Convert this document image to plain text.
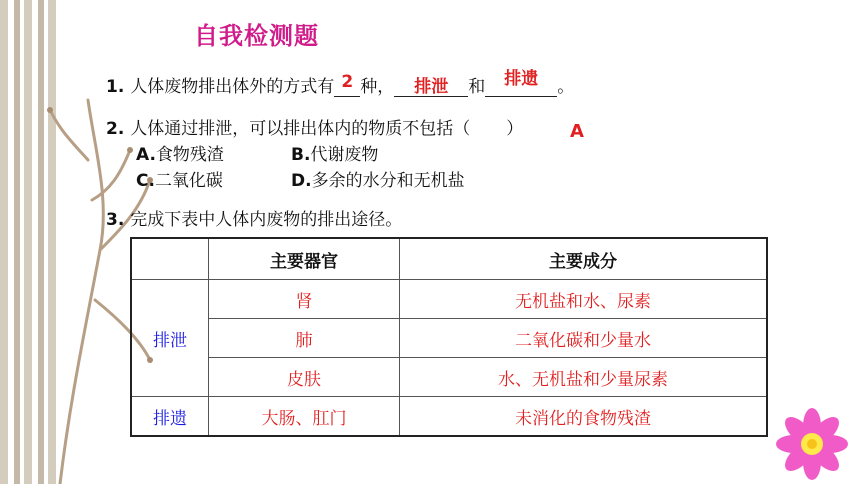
自我检测题
1. 人体废物排出体外的方式有 2 种，	排泄	和	排遗	。
2. 人体通过排泄，可以排出体内的物质不包括（ ）	A
A.食物残渣	B.代谢废物
C.二氧化碳	D.多余的水分和无机盐
3. 完成下表中人体内废物的排出途径。
	主要器官	主要成分
排泄	肾	无机盐和水、尿素
	肺	二氧化碳和少量水
	皮肤	水、无机盐和少量尿素
排遗	大肠、肛门	未消化的食物残渣
